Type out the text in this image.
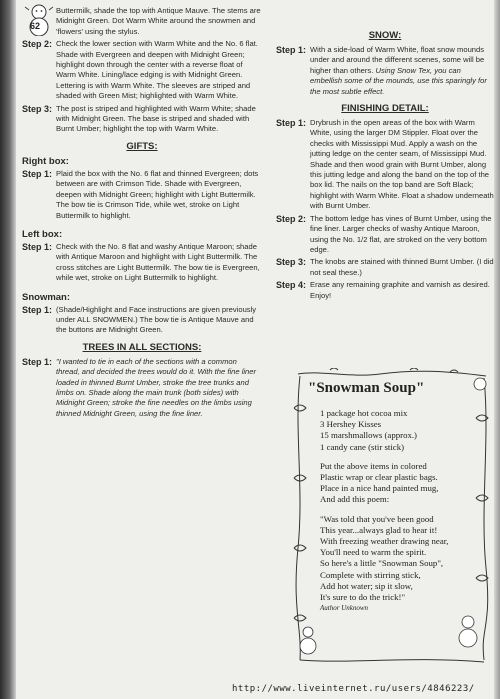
62
Buttermilk, shade the top with Antique Mauve. The stems are Midnight Green. Dot Warm White around the snowmen and 'flowers' using the stylus.
Step 2: Check the lower section with Warm White and the No. 6 flat. Shade with Evergreen and deepen with Midnight Green; highlight down through the center with a reverse float of Warm White. Lining/lace edging is with Midnight Green. Lettering is with Warm White. The sleeves are striped and shaded with Green Mist; highlighted with Warm White.
Step 3: The post is striped and highlighted with Warm White; shade with Midnight Green. The base is striped and shaded with Burnt Umber; highlight the top with Warm White.
GIFTS:
Right box:
Step 1: Plaid the box with the No. 6 flat and thinned Evergreen; dots between are with Crimson Tide. Shade with Evergreen, deepen with Midnight Green; highlight with Light Buttermilk. The bow tie is Crimson Tide, while wet, stroke on Light Buttermilk to highlight.
Left box:
Step 1: Check with the No. 8 flat and washy Antique Maroon; shade with Antique Maroon and highlight with Light Buttermilk. The cross stitches are Light Buttermilk. The bow tie is Evergreen, while wet, stroke on Light Buttermilk to highlight.
Snowman:
Step 1: (Shade/Highlight and Face instructions are given previously under ALL SNOWMEN.) The bow tie is Antique Mauve and the buttons are Midnight Green.
TREES IN ALL SECTIONS:
Step 1: "I wanted to tie in each of the sections with a common thread, and decided the trees would do it. With the fine liner loaded in thinned Burnt Umber, stroke the tree trunks and limbs on. Shade along the main trunk (both sides) with Midnight Green; stroke the fine needles on the limbs using thinned Midnight Green, using the fine liner.
SNOW:
Step 1: With a side-load of Warm White, float snow mounds under and around the different scenes, some will be higher than others. Using Snow Tex, you can embellish some of the mounds, use this sparingly for the most subtle effect.
FINISHING DETAIL:
Step 1: Drybrush in the open areas of the box with Warm White, using the larger DM Stippler. Float over the checks with Mississippi Mud. Apply a wash on the jutting ledge on the center seam, of Mississippi Mud. Shade and then wood grain with Burnt Umber, along this jutting ledge and along the band on the top of the box lid. The nails on the top band are Soft Black; highlight with Warm White. Float a shadow underneath with Burnt Umber.
Step 2: The bottom ledge has vines of Burnt Umber, using the fine liner. Larger checks of washy Antique Maroon, using the No. 1/2 flat, are stroked on the very bottom edge.
Step 3: The knobs are stained with thinned Burnt Umber. (I did not seal these.)
Step 4: Erase any remaining graphite and varnish as desired. Enjoy!
"Snowman Soup"
1 package hot cocoa mix
3 Hershey Kisses
15 marshmallows (approx.)
1 candy cane (stir stick)
Put the above items in colored
Plastic wrap or clear plastic bags.
Place in a nice hand painted mug,
And add this poem:
"Was told that you've been good
This year...always glad to hear it!
With freezing weather drawing near,
You'll need to warm the spirit.
So here's a little "Snowman Soup",
Complete with stirring stick,
Add hot water; sip it slow,
It's sure to do the trick!"
Author Unknown
http://www.liveinternet.ru/users/4846223/
